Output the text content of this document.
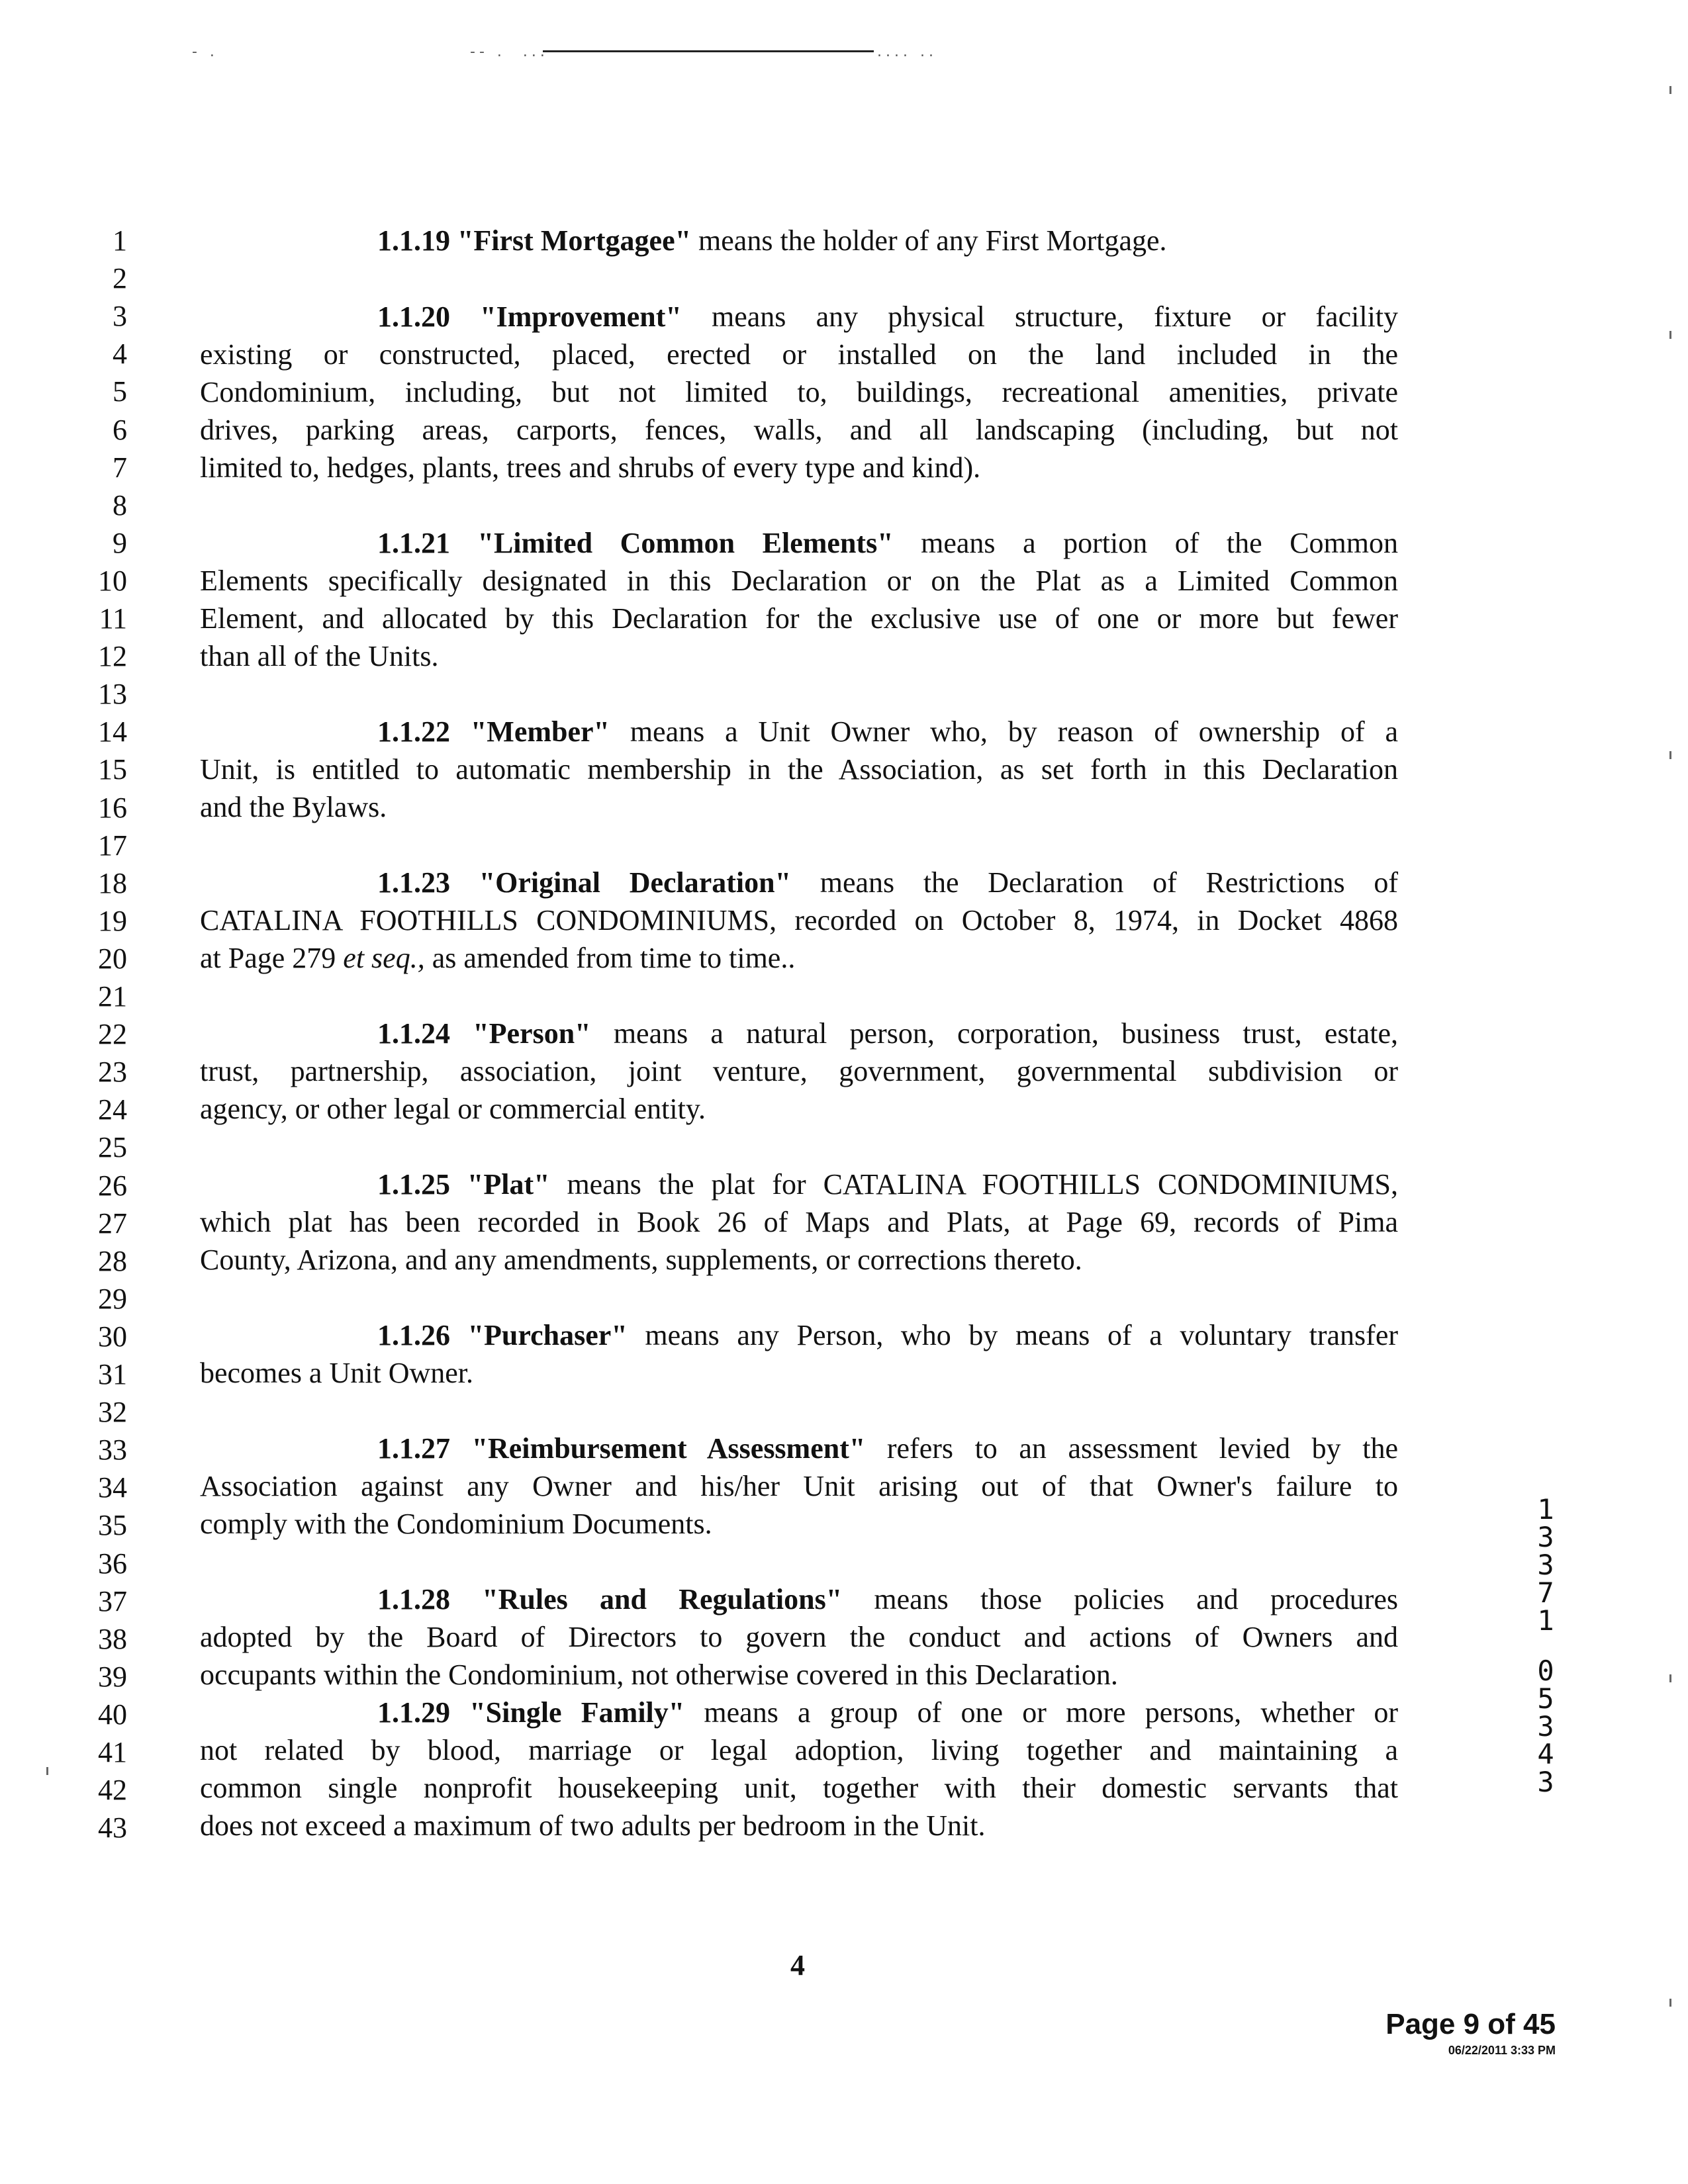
- .	-- .  ...	.... ..
1
2
3
4
5
6
7
8
9
10
11
12
13
14
15
16
17
18
19
20
21
22
23
24
25
26
27
28
29
30
31
32
33
34
35
36
37
38
39
40
41
42
43
1.1.19 "First Mortgagee" means the holder of any First Mortgage.
1.1.20 "Improvement" means any physical structure, fixture or facility
existing or constructed, placed, erected or installed on the land included in the
Condominium, including, but not limited to, buildings, recreational amenities, private
drives, parking areas, carports, fences, walls, and all landscaping (including, but not
limited to, hedges, plants, trees and shrubs of every type and kind).
1.1.21 "Limited Common Elements" means a portion of the Common
Elements specifically designated in this Declaration or on the Plat as a Limited Common
Element, and allocated by this Declaration for the exclusive use of one or more but fewer
than all of the Units.
1.1.22 "Member" means a Unit Owner who, by reason of ownership of a
Unit, is entitled to automatic membership in the Association, as set forth in this Declaration
and the Bylaws.
1.1.23 "Original Declaration" means the Declaration of Restrictions of
CATALINA FOOTHILLS CONDOMINIUMS, recorded on October 8, 1974, in Docket 4868
at Page 279 et seq., as amended from time to time..
1.1.24 "Person" means a natural person, corporation, business trust, estate,
trust, partnership, association, joint venture, government, governmental subdivision or
agency, or other legal or commercial entity.
1.1.25 "Plat" means the plat for CATALINA FOOTHILLS CONDOMINIUMS,
which plat has been recorded in Book 26 of Maps and Plats, at Page 69, records of Pima
County, Arizona, and any amendments, supplements, or corrections thereto.
1.1.26 "Purchaser" means any Person, who by means of a voluntary transfer
becomes a Unit Owner.
1.1.27 "Reimbursement Assessment" refers to an assessment levied by the
Association against any Owner and his/her Unit arising out of that Owner's failure to
comply with the Condominium Documents.
1.1.28 "Rules and Regulations" means those policies and procedures
adopted by the Board of Directors to govern the conduct and actions of Owners and
occupants within the Condominium, not otherwise covered in this Declaration.
1.1.29 "Single Family" means a group of one or more persons, whether or
not related by blood, marriage or legal adoption, living together and maintaining a
common single nonprofit housekeeping unit, together with their domestic servants that
does not exceed a maximum of two adults per bedroom in the Unit.
4
1
3
3
7
1
0
5
3
4
3
Page 9 of 45
06/22/2011 3:33 PM
